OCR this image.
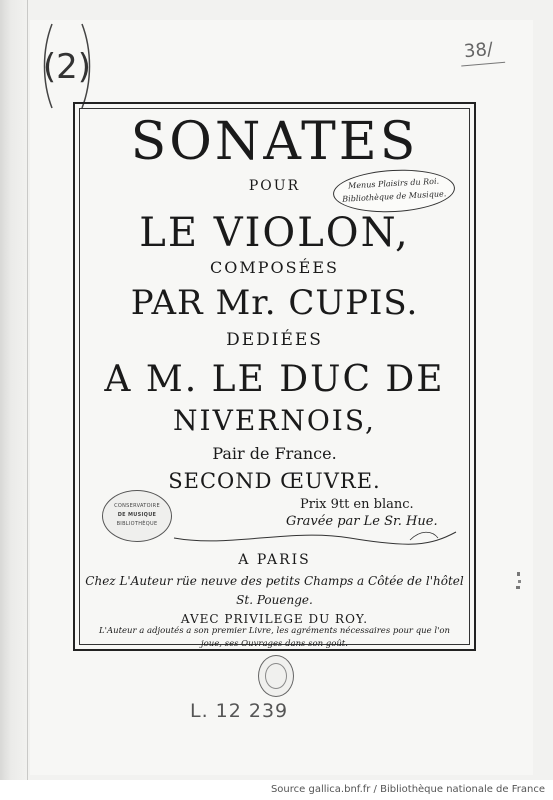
(2)	38/
SONATES
POUR
LE VIOLON,
COMPOSÉES
PAR Mr. CUPIS.
DEDIÉES
A M. LE DUC DE
NIVERNOIS,
Pair de France.
SECOND ŒUVRE.
Prix 9tt en blanc.
Gravée par Le Sr. Hue.
A PARIS
Chez L'Auteur rüe neuve des petits Champs a Côtée de l'hôtel
St. Pouenge.
AVEC PRIVILEGE DU ROY.
L'Auteur a adjoutés a son premier Livre, les agréments nécessaires pour que l'on
joue, ses Ouvrages dans son goût.
Menus Plaisirs du Roi.
Bibliothèque de Musique.
CONSERVATOIRE
DE MUSIQUE
BIBLIOTHÈQUE
L. 12 239
Source gallica.bnf.fr / Bibliothèque nationale de France
